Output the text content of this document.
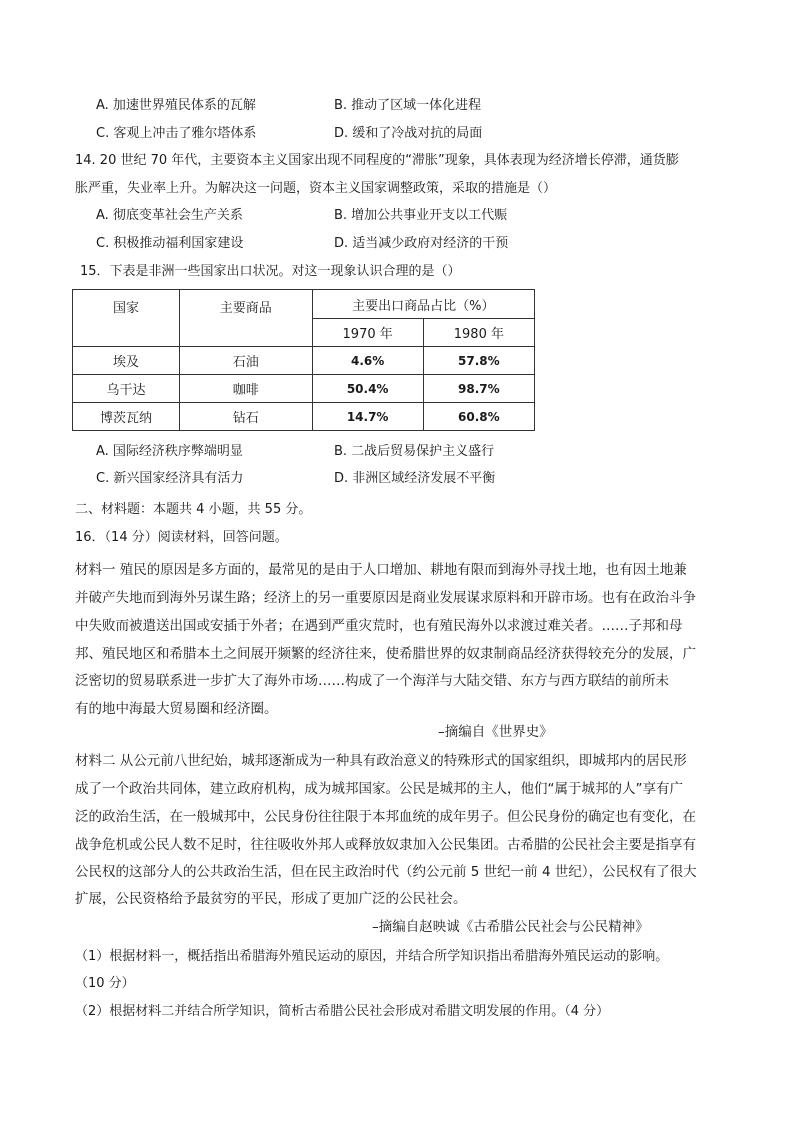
A. 加速世界殖民体系的瓦解	B. 推动了区域一体化进程
C. 客观上冲击了雅尔塔体系	D. 缓和了冷战对抗的局面
14. 20 世纪 70 年代，主要资本主义国家出现不同程度的“滞胀”现象，具体表现为经济增长停滞，通货膨
胀严重，失业率上升。为解决这一问题，资本主义国家调整政策，采取的措施是（）
A. 彻底变革社会生产关系	B. 增加公共事业开支以工代赈
C. 积极推动福利国家建设	D. 适当减少政府对经济的干预
15．下表是非洲一些国家出口状况。对这一现象认识合理的是（）
国家	主要商品	主要出口商品占比（%）	
		1970 年	1980 年
埃及	石油	4.6%	57.8%
乌干达	咖啡	50.4%	98.7%
博茨瓦纳	钻石	14.7%	60.8%
A. 国际经济秩序弊端明显	B. 二战后贸易保护主义盛行
C. 新兴国家经济具有活力	D. 非洲区域经济发展不平衡
二、材料题：本题共 4 小题，共 55 分。
16．（14 分）阅读材料，回答问题。
材料一 殖民的原因是多方面的，最常见的是由于人口增加、耕地有限而到海外寻找土地，也有因土地兼
并破产失地而到海外另谋生路；经济上的另一重要原因是商业发展谋求原料和开辟市场。也有在政治斗争
中失败而被遣送出国或安插于外者；在遇到严重灾荒时，也有殖民海外以求渡过难关者。……子邦和母
邦、殖民地区和希腊本土之间展开频繁的经济往来，使希腊世界的奴隶制商品经济获得较充分的发展，广
泛密切的贸易联系进一步扩大了海外市场……构成了一个海洋与大陆交错、东方与西方联结的前所未
有的地中海最大贸易圈和经济圈。
–摘编自《世界史》
材料二 从公元前八世纪始，城邦逐渐成为一种具有政治意义的特殊形式的国家组织，即城邦内的居民形
成了一个政治共同体，建立政府机构，成为城邦国家。公民是城邦的主人，他们“属于城邦的人”享有广
泛的政治生活，在一般城邦中，公民身份往往限于本邦血统的成年男子。但公民身份的确定也有变化，在
战争危机或公民人数不足时，往往吸收外邦人或释放奴隶加入公民集团。古希腊的公民社会主要是指享有
公民权的这部分人的公共政治生活，但在民主政治时代（约公元前 5 世纪一前 4 世纪），公民权有了很大
扩展，公民资格给予最贫穷的平民，形成了更加广泛的公民社会。
–摘编自赵映诚《古希腊公民社会与公民精神》
（1）根据材料一，概括指出希腊海外殖民运动的原因，并结合所学知识指出希腊海外殖民运动的影响。
（10 分）
（2）根据材料二并结合所学知识，简析古希腊公民社会形成对希腊文明发展的作用。（4 分）
